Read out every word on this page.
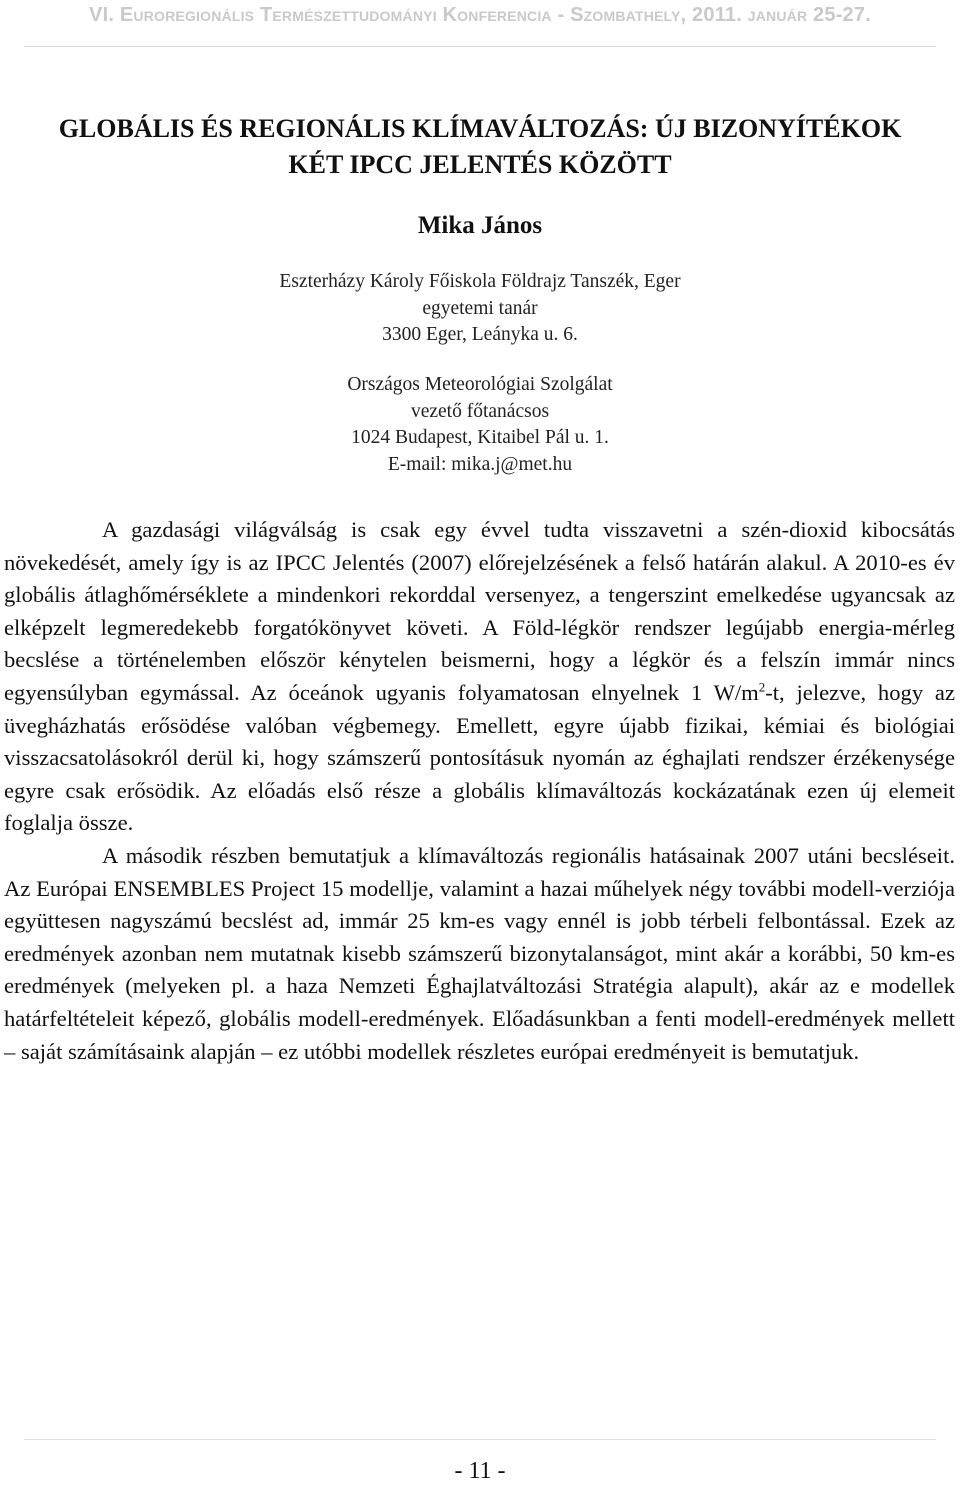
VI. Euroregionális Természettudományi Konferencia - Szombathely, 2011. január 25-27.
GLOBÁLIS ÉS REGIONÁLIS KLÍMAVÁLTOZÁS: ÚJ BIZONYÍTÉKOK
KÉT IPCC JELENTÉS KÖZÖTT
Mika János
Eszterházy Károly Főiskola Földrajz Tanszék, Eger
egyetemi tanár
3300 Eger, Leányka u. 6.
Országos Meteorológiai Szolgálat
vezető főtanácsos
1024 Budapest, Kitaibel Pál u. 1.
E-mail: mika.j@met.hu

A gazdasági világválság is csak egy évvel tudta visszavetni a szén-dioxid kibocsátás növekedését, amely így is az IPCC Jelentés (2007) előrejelzésének a felső határán alakul. A 2010-es év globális átlaghőmérséklete a mindenkori rekorddal versenyez, a tengerszint emelkedése ugyancsak az elképzelt legmeredekebb forgatókönyvet követi. A Föld-légkör rendszer legújabb energia-mérleg becslése a történelemben először kénytelen beismerni, hogy a légkör és a felszín immár nincs egyensúlyban egymással. Az óceánok ugyanis folyamatosan elnyelnek 1 $W/m^2-t$, jelezve, hogy az üvegházhatás erősödése valóban végbemegy. Emellett, egyre újabb fizikai, kémiai és biológiai visszacsatolásokról derül ki, hogy számszerű pontosításuk nyomán az éghajlati rendszer érzékenysége egyre csak erősödik. Az előadás első része a globális klímaváltozás kockázatának ezen új elemeit foglalja össze.

A második részben bemutatjuk a klímaváltozás regionális hatásainak 2007 utáni becsléseit. Az Európai ENSEMBLES Project 15 modellje, valamint a hazai műhelyek négy további modell-verziója együttesen nagyszámú becslést ad, immár 25 km-es vagy ennél is jobb térbeli felbontással. Ezek az eredmények azonban nem mutatnak kisebb számszerű bizonytalanságot, mint akár a korábbi, 50 km-es eredmények (melyeken pl. a haza Nemzeti Éghajlatváltozási Stratégia alapult), akár az e modellek határfeltételeit képező, globális modell-eredmények. Előadásunkban a fenti modell-eredmények mellett – saját számításaink alapján – ez utóbbi modellek részletes európai eredményeit is bemutatjuk.

- 11 -
